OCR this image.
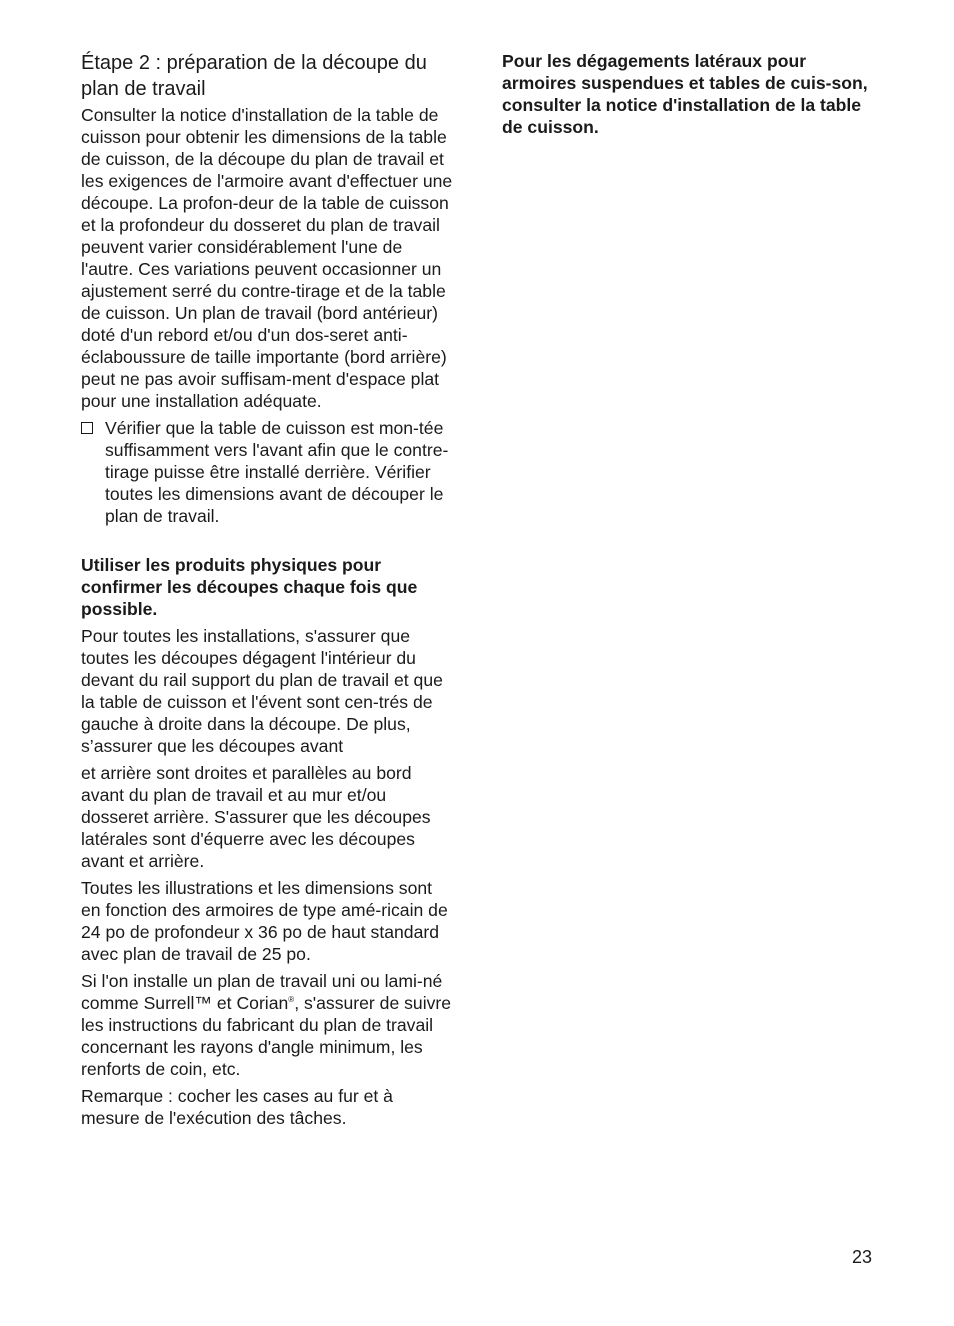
Étape 2 : préparation de la découpe du plan de travail

Consulter la notice d'installation de la table de cuisson pour obtenir les dimensions de la table de cuisson, de la découpe du plan de travail et les exigences de l'armoire avant d'effectuer une découpe. La profon-deur de la table de cuisson et la profondeur du dosseret du plan de travail peuvent varier considérablement l'une de l'autre. Ces variations peuvent occasionner un ajustement serré du contre-tirage et de la table de cuisson. Un plan de travail (bord antérieur) doté d'un rebord et/ou d'un dos-seret anti-éclaboussure de taille importante (bord arrière) peut ne pas avoir suffisam-ment d'espace plat pour une installation adéquate.

Vérifier que la table de cuisson est mon-tée suffisamment vers l'avant afin que le contre-tirage puisse être installé derrière. Vérifier toutes les dimensions avant de découper le plan de travail.

Utiliser les produits physiques pour confirmer les découpes chaque fois que possible.

Pour toutes les installations, s'assurer que toutes les découpes dégagent l'intérieur du devant du rail support du plan de travail et que la table de cuisson et l'évent sont cen-trés de gauche à droite dans la découpe. De plus, s’assurer que les découpes avant

et arrière sont droites et parallèles au bord avant du plan de travail et au mur et/ou dosseret arrière. S'assurer que les découpes latérales sont d'équerre avec les découpes avant et arrière.

Toutes les illustrations et les dimensions sont en fonction des armoires de type amé-ricain de 24 po de profondeur x 36 po de haut standard avec plan de travail de 25 po.

Si l'on installe un plan de travail uni ou lami-né comme Surrell™ et Corian®, s'assurer de suivre les instructions du fabricant du plan de travail concernant les rayons d'angle minimum, les renforts de coin, etc.

Remarque : cocher les cases au fur et à mesure de l'exécution des tâches.

Pour les dégagements latéraux pour armoires suspendues et tables de cuis-son, consulter la notice d'installation de la table de cuisson.

23
